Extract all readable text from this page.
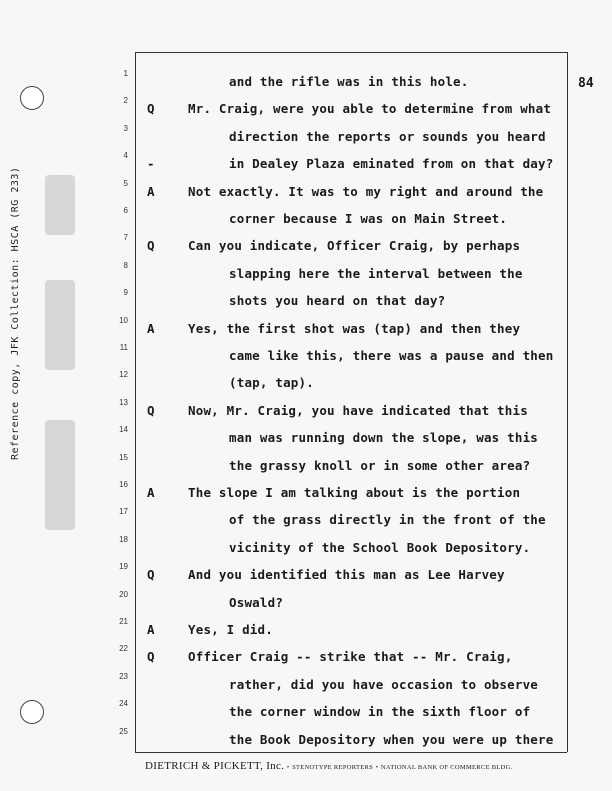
Reference copy, JFK Collection: HSCA (RG 233)
84
1
and the rifle was in this hole.
2
Q	Mr. Craig, were you able to determine from what
3
direction the reports or sounds you heard
4
-	in Dealey Plaza eminated from on that day?
5
A	Not exactly. It was to my right and around the
6
corner because I was on Main Street.
7
Q	Can you indicate, Officer Craig, by perhaps
8
slapping here the interval between the
9
shots you heard on that day?
10
A	Yes, the first shot was (tap) and then they
11
came like this, there was a pause and then
12
(tap, tap).
13
Q	Now, Mr. Craig, you have indicated that this
14
man was running down the slope, was this
15
the grassy knoll or in some other area?
16
A	The slope I am talking about is the portion
17
of the grass directly in the front of the
18
vicinity of the School Book Depository.
19
Q	And you identified this man as Lee Harvey
20
Oswald?
21
A	Yes, I did.
22
Q	Officer Craig -- strike that -- Mr. Craig,
23
rather, did you have occasion to observe
24
the corner window in the sixth floor of
25
the Book Depository when you were up there
DIETRICH & PICKETT, Inc. • STENOTYPE REPORTERS • NATIONAL BANK OF COMMERCE BLDG.
